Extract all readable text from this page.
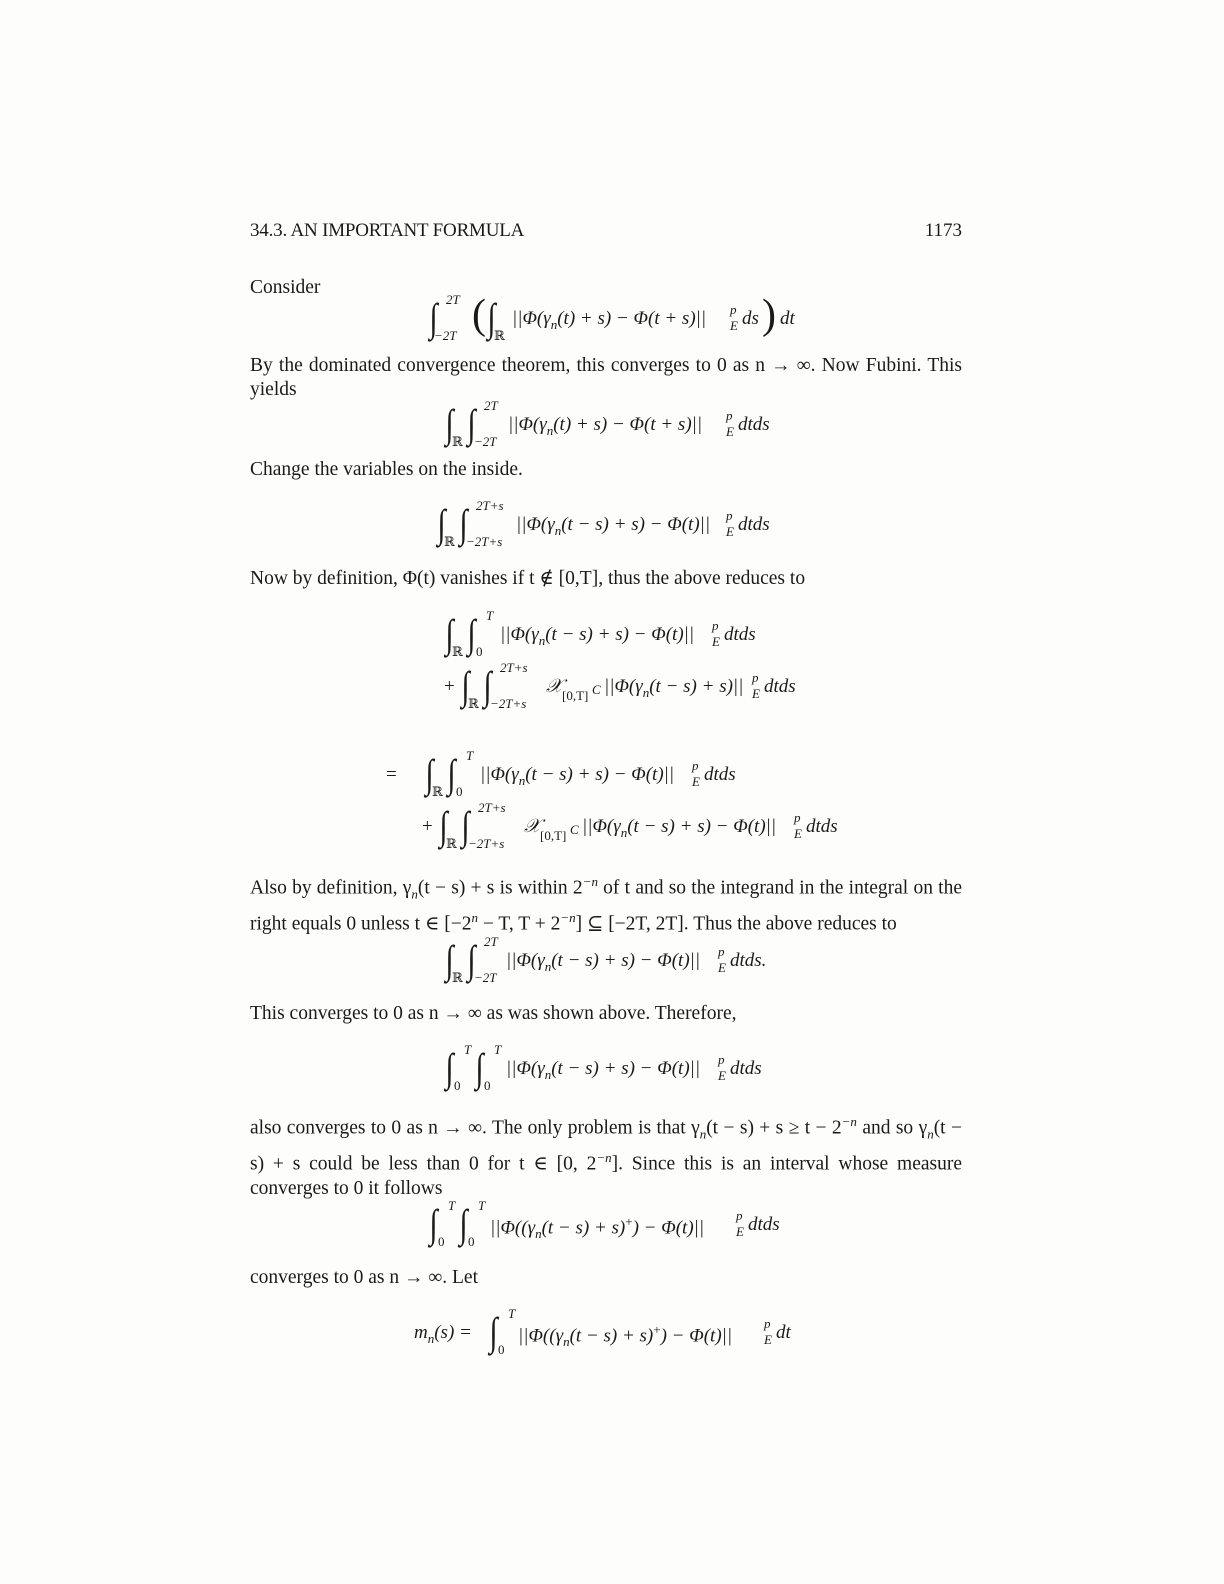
34.3. AN IMPORTANT FORMULA	1173
Consider
∫ 2T
−2T ( ∫
ℝ
$||\Phi(\gamma_n(t) + s) - \Phi(t + s)||$ p
E ds ) dt
By the dominated convergence theorem, this converges to 0 as n → ∞. Now Fubini. This yields
∫
ℝ ∫ 2T
−2T
$||\Phi(\gamma_n(t) + s) - \Phi(t + s)||$ p
E dtds
Change the variables on the inside.
∫
ℝ ∫ 2T+s
−2T+s
$||\Phi(\gamma_n(t - s) + s) - \Phi(t)||$ p
E dtds
Now by definition, Φ(t) vanishes if t ∉ [0,T], thus the above reduces to
∫
ℝ ∫ T
0
$||\Phi(\gamma_n(t - s) + s) - \Phi(t)||$ p
E dtds
+ ∫
ℝ ∫ 2T+s
−2T+s
𝒳 [0,T] C $||\Phi(\gamma_n(t - s) + s)||$ p
E dtds
= ∫
ℝ ∫ T
0
$||\Phi(\gamma_n(t - s) + s) - \Phi(t)||$ p
E dtds
+ ∫
ℝ ∫ 2T+s
−2T+s
𝒳 [0,T] C $||\Phi(\gamma_n(t - s) + s) - \Phi(t)||$ p
E dtds
Also by definition, $\gamma_n(t - s) + s$ is within $2^{-n}$ of t and so the integrand in the integral on the right equals 0 unless t ∈ [$-2^n - T$, $T + 2^{-n}$] ⊆ [−2T, 2T]. Thus the above reduces to
∫
ℝ ∫ 2T
−2T
$||\Phi(\gamma_n(t - s) + s) - \Phi(t)||$ p
E dtds.
This converges to 0 as n → ∞ as was shown above. Therefore,
∫ T
0 ∫ T
0
$||\Phi(\gamma_n(t - s) + s) - \Phi(t)||$ p
E dtds
also converges to 0 as n → ∞. The only problem is that $\gamma_n(t - s) + s \ge t - 2^{-n}$ and so $\gamma_n(t - s) + s$ could be less than 0 for t ∈ [0, $2^{-n}$]. Since this is an interval whose measure converges to 0 it follows
∫ T
0 ∫ T
0
$||\Phi((\gamma_n(t - s) + s)^+) - \Phi(t)||$
p
E dtds
converges to 0 as n → ∞. Let
$m_n(s)$ = ∫ T
0
$||\Phi((\gamma_n(t - s) + s)^+) - \Phi(t)||$
p
E dt
